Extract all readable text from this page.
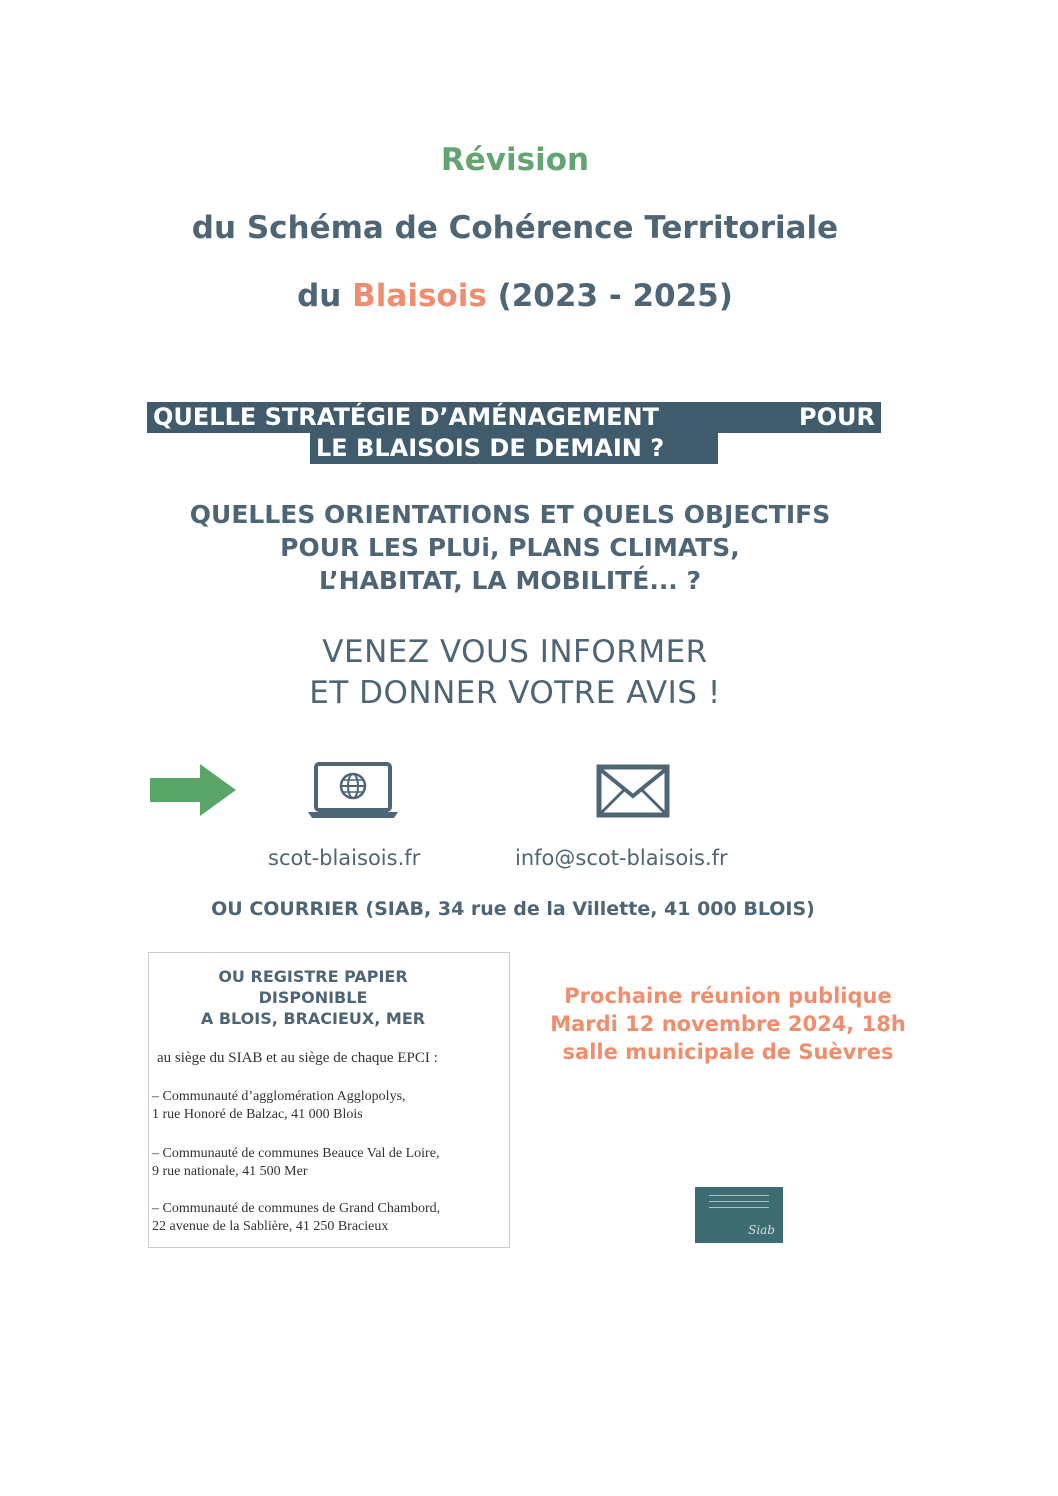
Révision
du Schéma de Cohérence Territoriale
du Blaisois (2023 - 2025)
QUELLE STRATÉGIE D’AMÉNAGEMENT	POUR
LE BLAISOIS DE DEMAIN ?
QUELLES ORIENTATIONS ET QUELS OBJECTIFS
POUR LES PLUi, PLANS CLIMATS,
L’HABITAT, LA MOBILITÉ... ?
VENEZ VOUS INFORMER
ET DONNER VOTRE AVIS !
scot-blaisois.fr	info@scot-blaisois.fr
OU COURRIER (SIAB, 34 rue de la Villette, 41 000 BLOIS)
OU REGISTRE PAPIER
DISPONIBLE
A BLOIS, BRACIEUX, MER
au siège du SIAB et au siège de chaque EPCI :
– Communauté d’agglomération Agglopolys,
1 rue Honoré de Balzac, 41 000 Blois
– Communauté de communes Beauce Val de Loire,
9 rue nationale, 41 500 Mer
– Communauté de communes de Grand Chambord,
22 avenue de la Sablière, 41 250 Bracieux
Prochaine réunion publique
Mardi 12 novembre 2024, 18h
salle municipale de Suèvres
Siab
